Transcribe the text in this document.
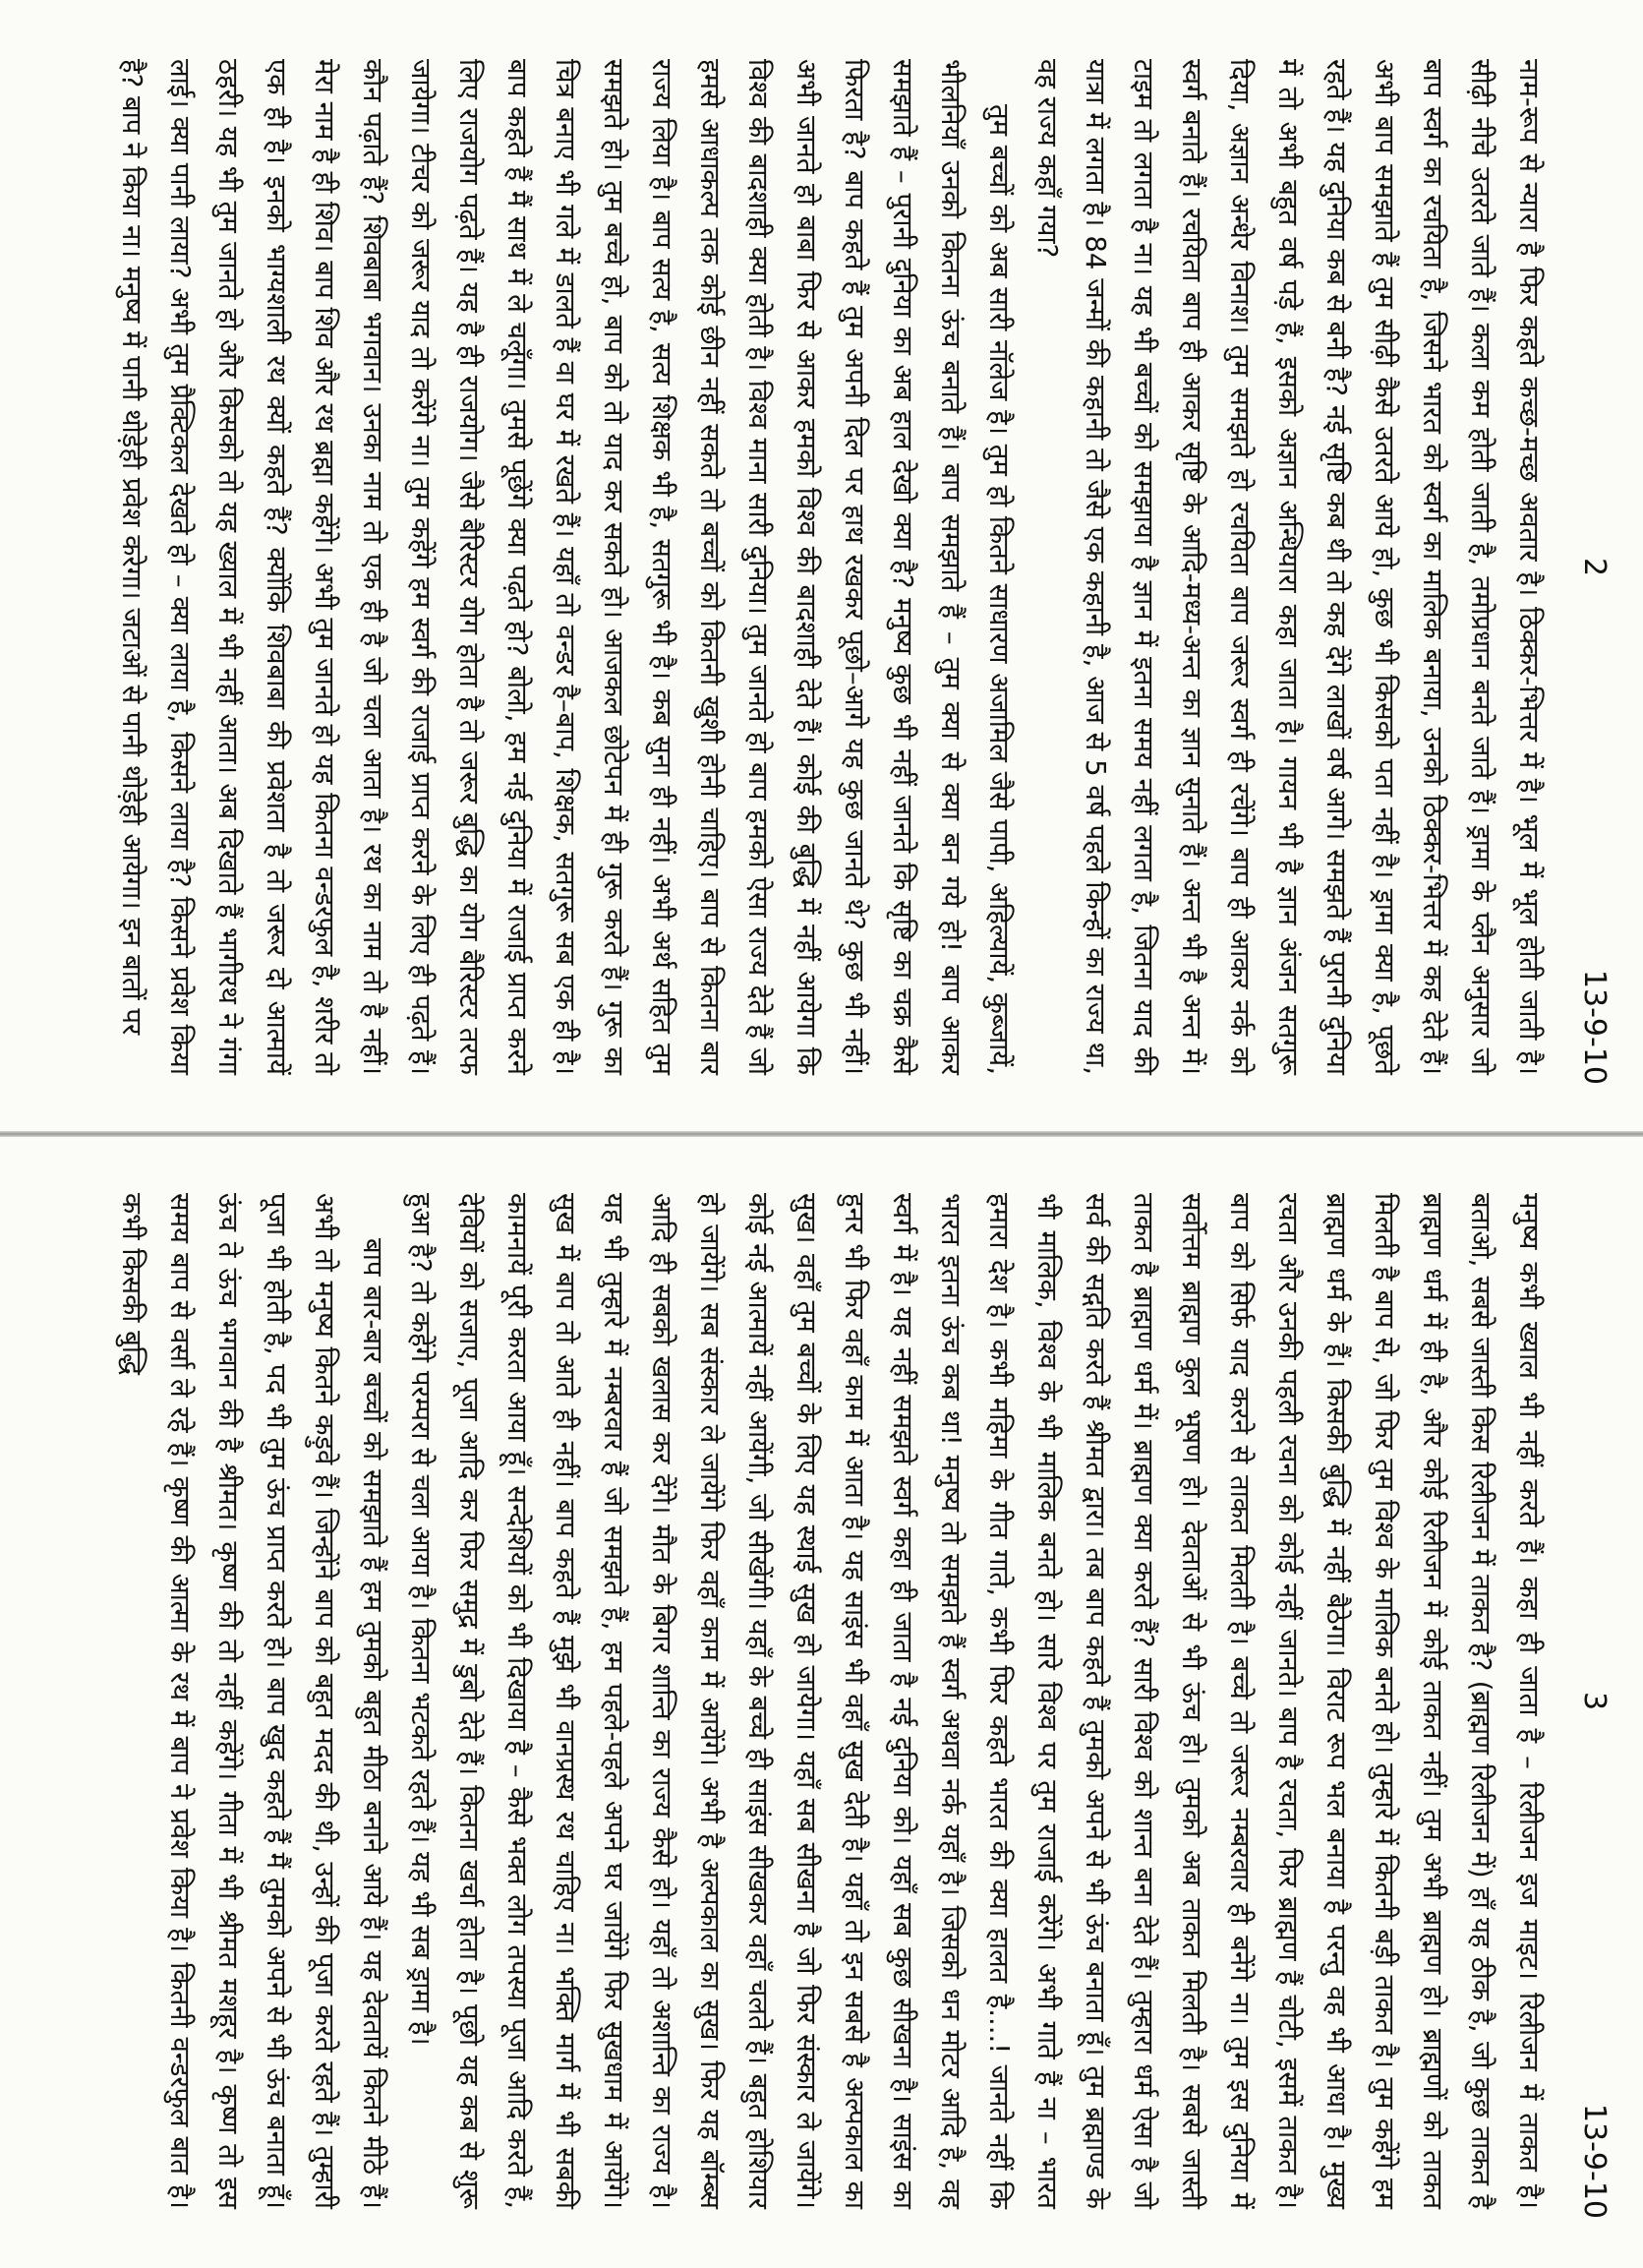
2
13-9-10

नाम-रूप से न्यारा है फिर कहते कच्छ-मच्छ अवतार है। ठिक्कर-भित्तर में है। भूल में भूल होती जाती है। सीढ़ी नीचे उतरते जाते हैं। कला कम होती जाती है, तमोप्रधान बनते जाते हैं। ड्रामा के प्लैन अनुसार जो बाप स्वर्ग का रचयिता है, जिसने भारत को स्वर्ग का मालिक बनाया, उनको ठिक्कर-भित्तर में कह देते हैं। अभी बाप समझाते हैं तुम सीढ़ी कैसे उतरते आये हो, कुछ भी किसको पता नहीं है। ड्रामा क्या है, पूछते रहते हैं। यह दुनिया कब से बनी है? नई सृष्टि कब थी तो कह देंगे लाखों वर्ष आगे। समझते हैं पुरानी दुनिया में तो अभी बहुत वर्ष पड़े हैं, इसको अज्ञान अन्धियारा कहा जाता है। गायन भी है ज्ञान अंजन सतगुरू दिया, अज्ञान अन्धेर विनाश। तुम समझते हो रचयिता बाप जरूर स्वर्ग ही रचेंगे। बाप ही आकर नर्क को स्वर्ग बनाते हैं। रचयिता बाप ही आकर सृष्टि के आदि-मध्य-अन्त का ज्ञान सुनाते हैं। अन्त भी है अन्त में। टाइम तो लगता है ना। यह भी बच्चों को समझाया है ज्ञान में इतना समय नहीं लगता है, जितना याद की यात्रा में लगता है। 84 जन्मों की कहानी तो जैसे एक कहानी है, आज से 5 वर्ष पहले किन्हों का राज्य था, वह राज्य कहाँ गया?

तुम बच्चों को अब सारी नॉलेज है। तुम हो कितने साधारण अजामिल जैसे पापी, अहिल्यायें, कुब्जायें, भीलनियाँ उनको कितना ऊंच बनाते हैं। बाप समझाते हैं – तुम क्या से क्या बन गये हो! बाप आकर समझाते हैं – पुरानी दुनिया का अब हाल देखो क्या है? मनुष्य कुछ भी नहीं जानते कि सृष्टि का चक्र कैसे फिरता है? बाप कहते हैं तुम अपनी दिल पर हाथ रखकर पूछो–आगे यह कुछ जानते थे? कुछ भी नहीं। अभी जानते हो बाबा फिर से आकर हमको विश्व की बादशाही देते हैं। कोई की बुद्धि में नहीं आयेगा कि विश्व की बादशाही क्या होती है। विश्व माना सारी दुनिया। तुम जानते हो बाप हमको ऐसा राज्य देते हैं जो हमसे आधाकल्प तक कोई छीन नहीं सकते तो बच्चों को कितनी खुशी होनी चाहिए। बाप से कितना बार राज्य लिया है। बाप सत्य है, सत्य शिक्षक भी है, सतगुरू भी है। कब सुना ही नहीं। अभी अर्थ सहित तुम समझते हो। तुम बच्चे हो, बाप को तो याद कर सकते हो। आजकल छोटेपन में ही गुरू करते हैं। गुरू का चित्र बनाए भी गले में डालते हैं वा घर में रखते हैं। यहाँ तो वन्डर है–बाप, शिक्षक, सतगुरू सब एक ही है। बाप कहते हैं मैं साथ में ले चलूँगा। तुमसे पूछेंगे क्या पढ़ते हो? बोलो, हम नई दुनिया में राजाई प्राप्त करने लिए राजयोग पढ़ते हैं। यह है ही राजयोग। जैसे बैरिस्टर योग होता है तो जरूर बुद्धि का योग बैरिस्टर तरफ जायेगा। टीचर को जरूर याद तो करेंगे ना। तुम कहेंगे हम स्वर्ग की राजाई प्राप्त करने के लिए ही पढ़ते हैं। कौन पढ़ाते हैं? शिवबाबा भगवान। उनका नाम तो एक ही है जो चला आता है। रथ का नाम तो है नहीं। मेरा नाम है ही शिव। बाप शिव और रथ ब्रह्मा कहेंगे। अभी तुम जानते हो यह कितना वन्डरफुल है, शरीर तो एक ही है। इनको भाग्यशाली रथ क्यों कहते हैं? क्योंकि शिवबाबा की प्रवेशता है तो जरूर दो आत्मायें ठहरी। यह भी तुम जानते हो और किसको तो यह ख्याल में भी नहीं आता। अब दिखाते हैं भागीरथ ने गंगा लाई। क्या पानी लाया? अभी तुम प्रैक्टिकल देखते हो – क्या लाया है, किसने लाया है? किसने प्रवेश किया है? बाप ने किया ना। मनुष्य में पानी थोड़ेही प्रवेश करेगा। जटाओं से पानी थोड़ेही आयेगा। इन बातों पर

3
13-9-10

मनुष्य कभी ख्याल भी नहीं करते हैं। कहा ही जाता है – रिलीजन इज माइट। रिलीजन में ताकत है। बताओ, सबसे जास्ती किस रिलीजन में ताकत है? (ब्राह्मण रिलीजन में) हाँ यह ठीक है, जो कुछ ताकत है ब्राह्मण धर्म में ही है, और कोई रिलीजन में कोई ताकत नहीं। तुम अभी ब्राह्मण हो। ब्राह्मणों को ताकत मिलती है बाप से, जो फिर तुम विश्व के मालिक बनते हो। तुम्हारे में कितनी बड़ी ताकत है। तुम कहेंगे हम ब्राह्मण धर्म के हैं। किसकी बुद्धि में नहीं बैठेगा। विराट रूप भल बनाया है परन्तु वह भी आधा है। मुख्य रचता और उनकी पहली रचना को कोई नहीं जानते। बाप है रचता, फिर ब्राह्मण हैं चोटी, इसमें ताकत है। बाप को सिर्फ याद करने से ताकत मिलती है। बच्चे तो जरूर नम्बरवार ही बनेंगे ना। तुम इस दुनिया में सर्वोत्तम ब्राह्मण कुल भूषण हो। देवताओं से भी ऊंच हो। तुमको अब ताकत मिलती है। सबसे जास्ती ताकत है ब्राह्मण धर्म में। ब्राह्मण क्या करते हैं? सारी विश्व को शान्त बना देते हैं। तुम्हारा धर्म ऐसा है जो सर्व की सद्गति करते हैं श्रीमत द्वारा। तब बाप कहते हैं तुमको अपने से भी ऊंच बनाता हूँ। तुम ब्रह्माण्ड के भी मालिक, विश्व के भी मालिक बनते हो। सारे विश्व पर तुम राजाई करेंगे। अभी गाते हैं ना – भारत हमारा देश है। कभी महिमा के गीत गाते, कभी फिर कहते भारत की क्या हालत है....! जानते नहीं कि भारत इतना ऊंच कब था! मनुष्य तो समझते हैं स्वर्ग अथवा नर्क यहाँ है। जिसको धन मोटर आदि है, वह स्वर्ग में है। यह नहीं समझते स्वर्ग कहा ही जाता है नई दुनिया को। यहाँ सब कुछ सीखना है। साइंस का हुनर भी फिर वहाँ काम में आता है। यह साइंस भी वहाँ सुख देती है। यहाँ तो इन सबसे है अल्पकाल का सुख। वहाँ तुम बच्चों के लिए यह स्थाई सुख हो जायेगा। यहाँ सब सीखना है जो फिर संस्कार ले जायेंगे। कोई नई आत्मायें नहीं आयेंगी, जो सीखेंगी। यहाँ के बच्चे ही साइंस सीखकर वहाँ चलते हैं। बहुत होशियार हो जायेंगे। सब संस्कार ले जायेंगे फिर वहाँ काम में आयेंगे। अभी है अल्पकाल का सुख। फिर यह बॉम्ब्स आदि ही सबको खलास कर देंगे। मौत के बिगर शान्ति का राज्य कैसे हो। यहाँ तो अशान्ति का राज्य है। यह भी तुम्हारे में नम्बरवार हैं जो समझते हैं, हम पहले-पहले अपने घर जायेंगे फिर सुखधाम में आयेंगे। सुख में बाप तो आते ही नहीं। बाप कहते हैं मुझे भी वानप्रस्थ रथ चाहिए ना। भक्ति मार्ग में भी सबकी कामनायें पूरी करता आया हूँ। सन्देशियों को भी दिखाया है – कैसे भक्त लोग तपस्या पूजा आदि करते हैं, देवियों को सजाए, पूजा आदि कर फिर समुद्र में डुबो देते हैं। कितना खर्चा होता है। पूछो यह कब से शुरू हुआ है? तो कहेंगे परम्परा से चला आया है। कितना भटकते रहते हैं। यह भी सब ड्रामा है।

बाप बार-बार बच्चों को समझाते हैं हम तुमको बहुत मीठा बनाने आये हैं। यह देवतायें कितने मीठे हैं। अभी तो मनुष्य कितने कड़ुवे हैं। जिन्होंने बाप को बहुत मदद की थी, उन्हों की पूजा करते रहते हैं। तुम्हारी पूजा भी होती है, पद भी तुम ऊंच प्राप्त करते हो। बाप खुद कहते हैं मैं तुमको अपने से भी ऊंच बनाता हूँ। ऊंच ते ऊंच भगवान की है श्रीमत। कृष्ण की तो नहीं कहेंगे। गीता में भी श्रीमत मशहूर है। कृष्ण तो इस समय बाप से वर्सा ले रहे हैं। कृष्ण की आत्मा के रथ में बाप ने प्रवेश किया है। कितनी वन्डरफुल बात है। कभी किसकी बुद्धि
